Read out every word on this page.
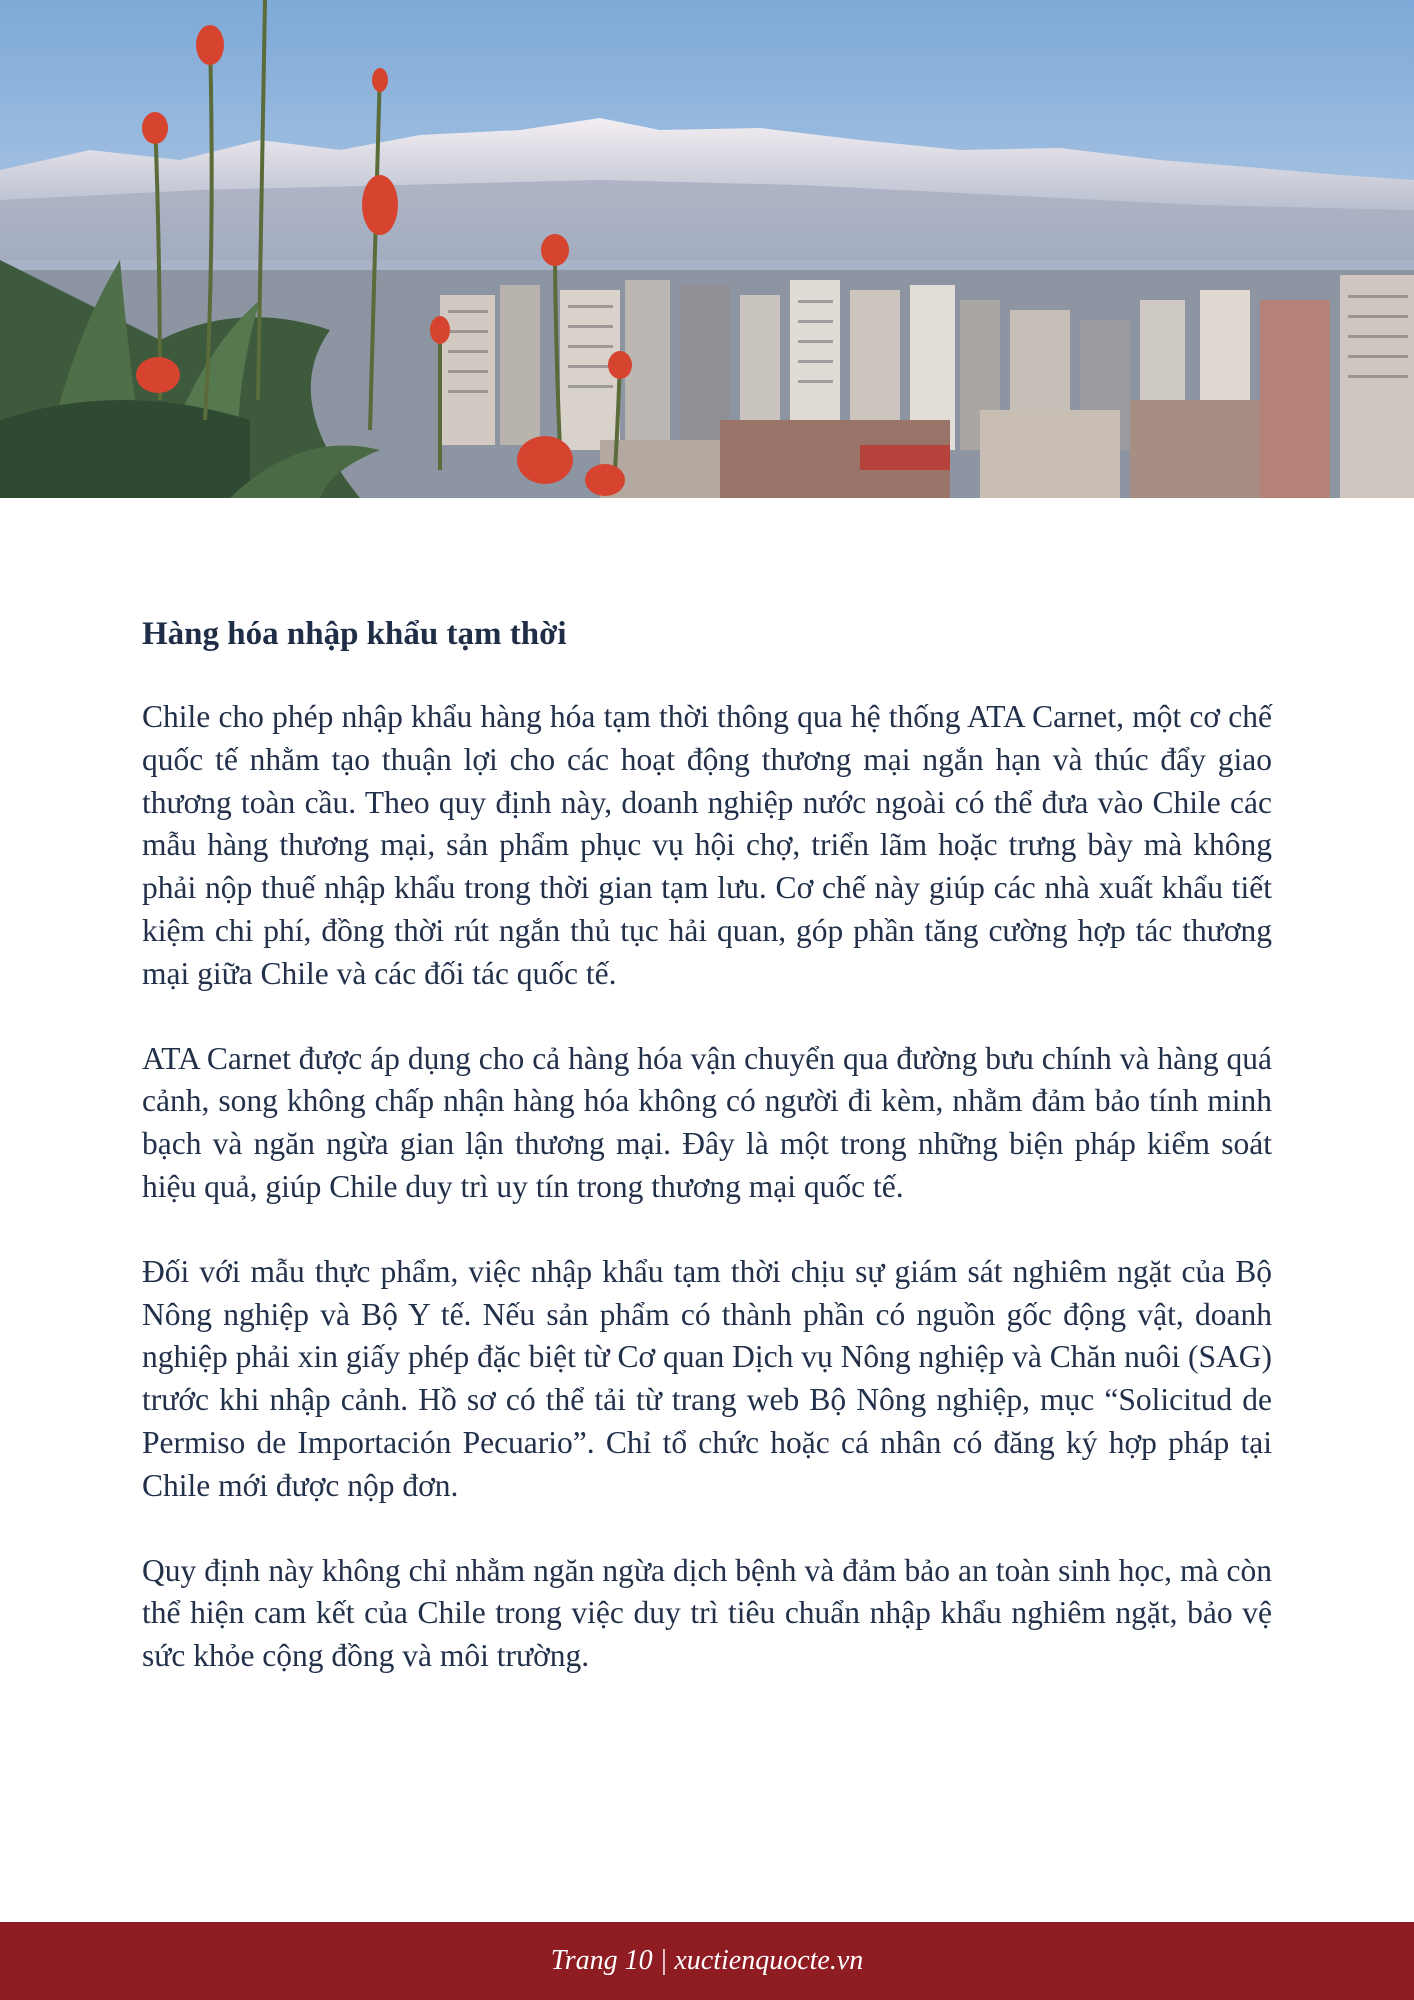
Hàng hóa nhập khẩu tạm thời

Chile cho phép nhập khẩu hàng hóa tạm thời thông qua hệ thống ATA Carnet, một cơ chế quốc tế nhằm tạo thuận lợi cho các hoạt động thương mại ngắn hạn và thúc đẩy giao thương toàn cầu. Theo quy định này, doanh nghiệp nước ngoài có thể đưa vào Chile các mẫu hàng thương mại, sản phẩm phục vụ hội chợ, triển lãm hoặc trưng bày mà không phải nộp thuế nhập khẩu trong thời gian tạm lưu. Cơ chế này giúp các nhà xuất khẩu tiết kiệm chi phí, đồng thời rút ngắn thủ tục hải quan, góp phần tăng cường hợp tác thương mại giữa Chile và các đối tác quốc tế.

ATA Carnet được áp dụng cho cả hàng hóa vận chuyển qua đường bưu chính và hàng quá cảnh, song không chấp nhận hàng hóa không có người đi kèm, nhằm đảm bảo tính minh bạch và ngăn ngừa gian lận thương mại. Đây là một trong những biện pháp kiểm soát hiệu quả, giúp Chile duy trì uy tín trong thương mại quốc tế.

Đối với mẫu thực phẩm, việc nhập khẩu tạm thời chịu sự giám sát nghiêm ngặt của Bộ Nông nghiệp và Bộ Y tế. Nếu sản phẩm có thành phần có nguồn gốc động vật, doanh nghiệp phải xin giấy phép đặc biệt từ Cơ quan Dịch vụ Nông nghiệp và Chăn nuôi (SAG) trước khi nhập cảnh. Hồ sơ có thể tải từ trang web Bộ Nông nghiệp, mục “Solicitud de Permiso de Importación Pecuario”. Chỉ tổ chức hoặc cá nhân có đăng ký hợp pháp tại Chile mới được nộp đơn.

Quy định này không chỉ nhằm ngăn ngừa dịch bệnh và đảm bảo an toàn sinh học, mà còn thể hiện cam kết của Chile trong việc duy trì tiêu chuẩn nhập khẩu nghiêm ngặt, bảo vệ sức khỏe cộng đồng và môi trường.

Trang 10 | xuctienquocte.vn
